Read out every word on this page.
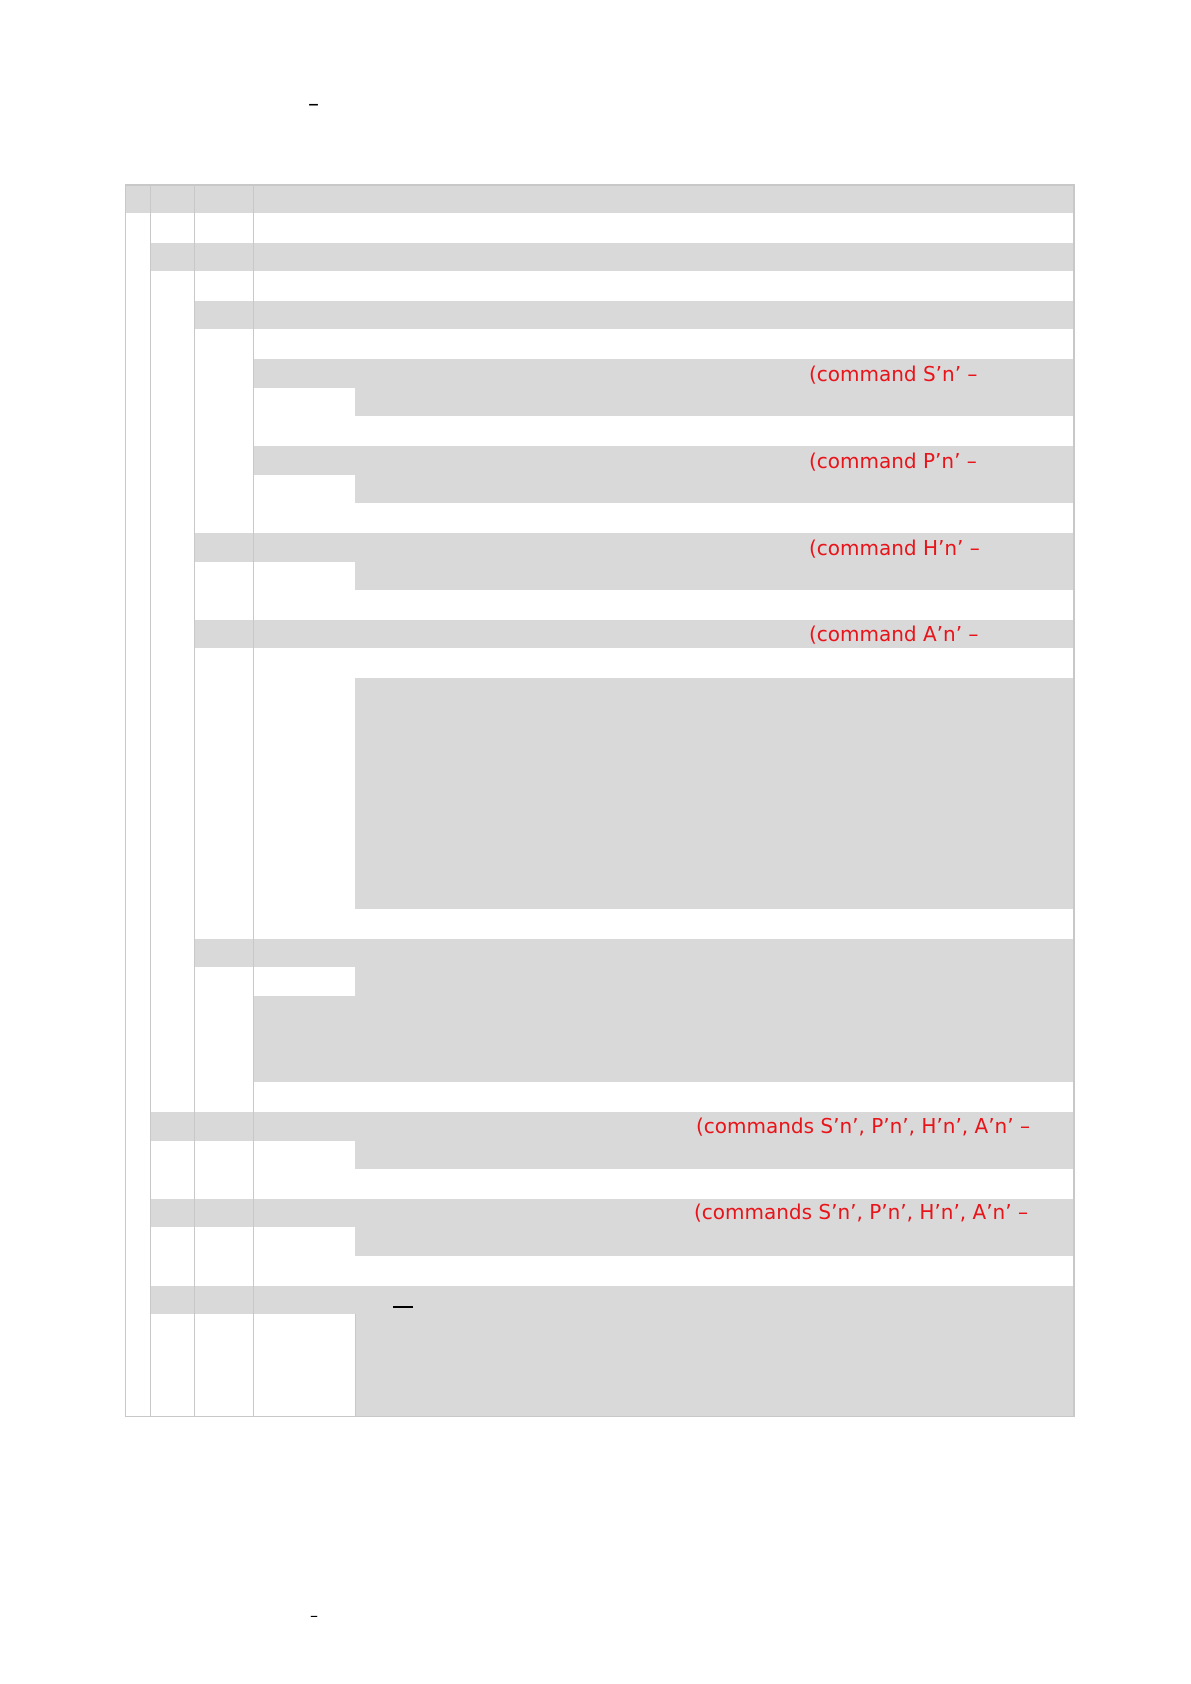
–
(command S’n’ –
(command P’n’ –
(command H’n’ –
(command A’n’ –
(commands S’n’, P’n’, H’n’, A’n’ –
(commands S’n’, P’n’, H’n’, A’n’ –
–
